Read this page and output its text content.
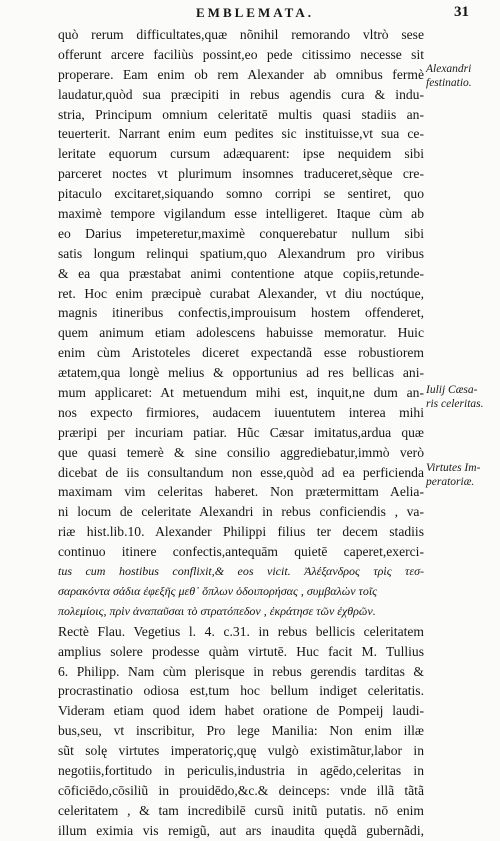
EMBLEMATA.	31
quò rerum difficultates,quæ nõnihil remorando vltrò sese
offerunt arcere faciliùs possint,eo pede citissimo necesse sit
properare. Eam enim ob rem Alexander ab omnibus fermè
laudatur,quòd sua præcipiti in rebus agendis cura & indu-
stria, Principum omnium celeritatē multis quasi stadiis an-
teuerterit. Narrant enim eum pedites sic instituisse,vt sua ce-
leritate equorum cursum adæquarent: ipse nequidem sibi
parceret noctes vt plurimum insomnes traduceret,sèque cre-
pitaculo excitaret,siquando somno corripi se sentiret, quo
maximè tempore vigilandum esse intelligeret. Itaque cùm ab
eo Darius impeteretur,maximè conquerebatur nullum sibi
satis longum relinqui spatium,quo Alexandrum pro viribus
& ea qua præstabat animi contentione atque copiis,retunde-
ret. Hoc enim præcipuè curabat Alexander, vt diu noctúque,
magnis itineribus confectis,improuisum hostem offenderet,
quem animum etiam adolescens habuisse memoratur. Huic
enim cùm Aristoteles diceret expectandã esse robustiorem
ætatem,qua longè melius & opportunius ad res bellicas ani-
mum applicaret: At metuendum mihi est, inquit,ne dum an-
nos expecto firmiores, audacem iuuentutem interea mihi
præripi per incuriam patiar. Hũc Cæsar imitatus,ardua quæ
que quasi temerè & sine consilio aggrediebatur,immò verò
dicebat de iis consultandum non esse,quòd ad ea perficienda
maximam vim celeritas haberet. Non prætermittam Aelia-
ni locum de celeritate Alexandri in rebus conficiendis , va-
riæ hist.lib.10. Alexander Philippi filius ter decem stadiis
continuo itinere confectis,antequām quietē caperet,exerci-
tus cum hostibus conflixit,& eos vicit. Ἀλέξανδρος τρὶς τεσ-
σαρακόντα σάδια ἐφεξῆς μεθ᾽ ὅπλων ὁδοιπορήσας , συμβαλὼν τοῖς
πολεμίοις, πρὶν ἀναπαῦσαι τὸ στρατόπεδον , ἐκράτησε τῶν ἐχθρῶν.
Rectè Flau. Vegetius l. 4. c.31. in rebus bellicis celeritatem
amplius solere prodesse quàm virtutē. Huc facit M. Tullius
6. Philipp. Nam cùm plerisque in rebus gerendis tarditas &
procrastinatio odiosa est,tum hoc bellum indiget celeritatis.
Videram etiam quod idem habet oratione de Pompeij laudi-
bus,seu, vt inscribitur, Pro lege Manilia: Non enim illæ
sũt solę virtutes imperatoriç,quę vulgò existimãtur,labor in
negotiis,fortitudo in periculis,industria in agēdo,celeritas in
cōficiēdo,cōsiliũ in prouidēdo,&c.& deinceps: vnde illã tãtã
celeritatem , & tam incredibilē cursũ initũ putatis. nō enim
illum eximia vis remigũ, aut ars inaudita quędã gubernãdi,
Alexandri
festinatio.
Iulij Cæsa-
ris celeritas.
Virtutes Im-
peratoriæ.
